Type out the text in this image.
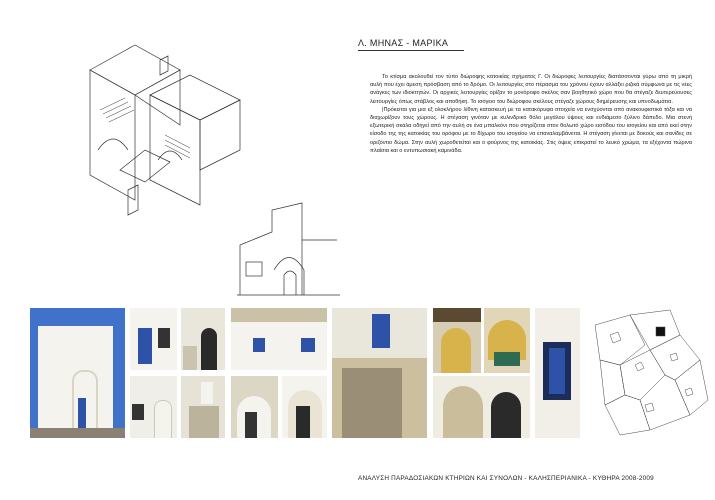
Λ. ΜΗΝΑΣ - ΜΑΡΙΚΑ

Το κτίσμα ακολουθεί τον τύπο διώροφης κατοικίας σχήματος Γ. Οι διώροφες λειτουργίες διατάσσονται γύρω από τη μικρή αυλή που έχει άμεση πρόσβαση από το δρόμο. Οι λειτουργίες στο πέρασμα του χρόνου έχουν αλλάξει ριζικά σύμφωνα με τις νέες ανάγκες των ιδιοκτητών. Οι αρχικές λειτουργίες ορίζαν το μονόροφο σκέλος σαν βοηθητικό χώρο που θα στέγαζε δευτερεύουσες λειτουργίες όπως στάβλος και αποθήκη. Το ισόγειο του διώροφου σκέλους στέγαζε χώρους διημέρευσης και υπνοδωμάτια.

|Πρόκειται για μια εξ ολοκλήρου λίθινη κατασκευή με τα κατακόρυφα στοιχεία να ενσχύονται από ανακουφιστικά τόξα και να διαχωρίζουν τους χώρους. Η στέγαση γινόταν με κυλινδρικό θόλο μεγάλου ύψους και ενδιάμεσο ξύλινο δάπεδο. Μια στενή εξωτερική σκάλα οδηγεί από την αυλή σε ένα μπαλκόνι που στηρίζεται στον θολωτό χώρο εισόδου του ισογείου και από εκεί στην είσοδο της της κατοικίας του ορόφου με το δίχωρο του ισογείου να επαναλαμβάνεται. Η στέγαση γίνεται με δοκούς και σανίδες σε οριζόντιο δώμα. Στην αυλή χωροθετείται και ο φούρνος της κατοικίας. Στις όψεις επικρατεί το λευκό χρώμα, τα εξέχοντα πώρινα πλαίσια και ο εντυπωσιακή καμινάδα.

ΑΝΑΛΥΣΗ ΠΑΡΑΔΟΣΙΑΚΩΝ ΚΤΗΡΙΩΝ ΚΑΙ ΣΥΝΟΛΩΝ - ΚΑΛΗΣΠΕΡΙΑΝΙΚΑ - ΚΥΘΗΡΑ 2008-2009
